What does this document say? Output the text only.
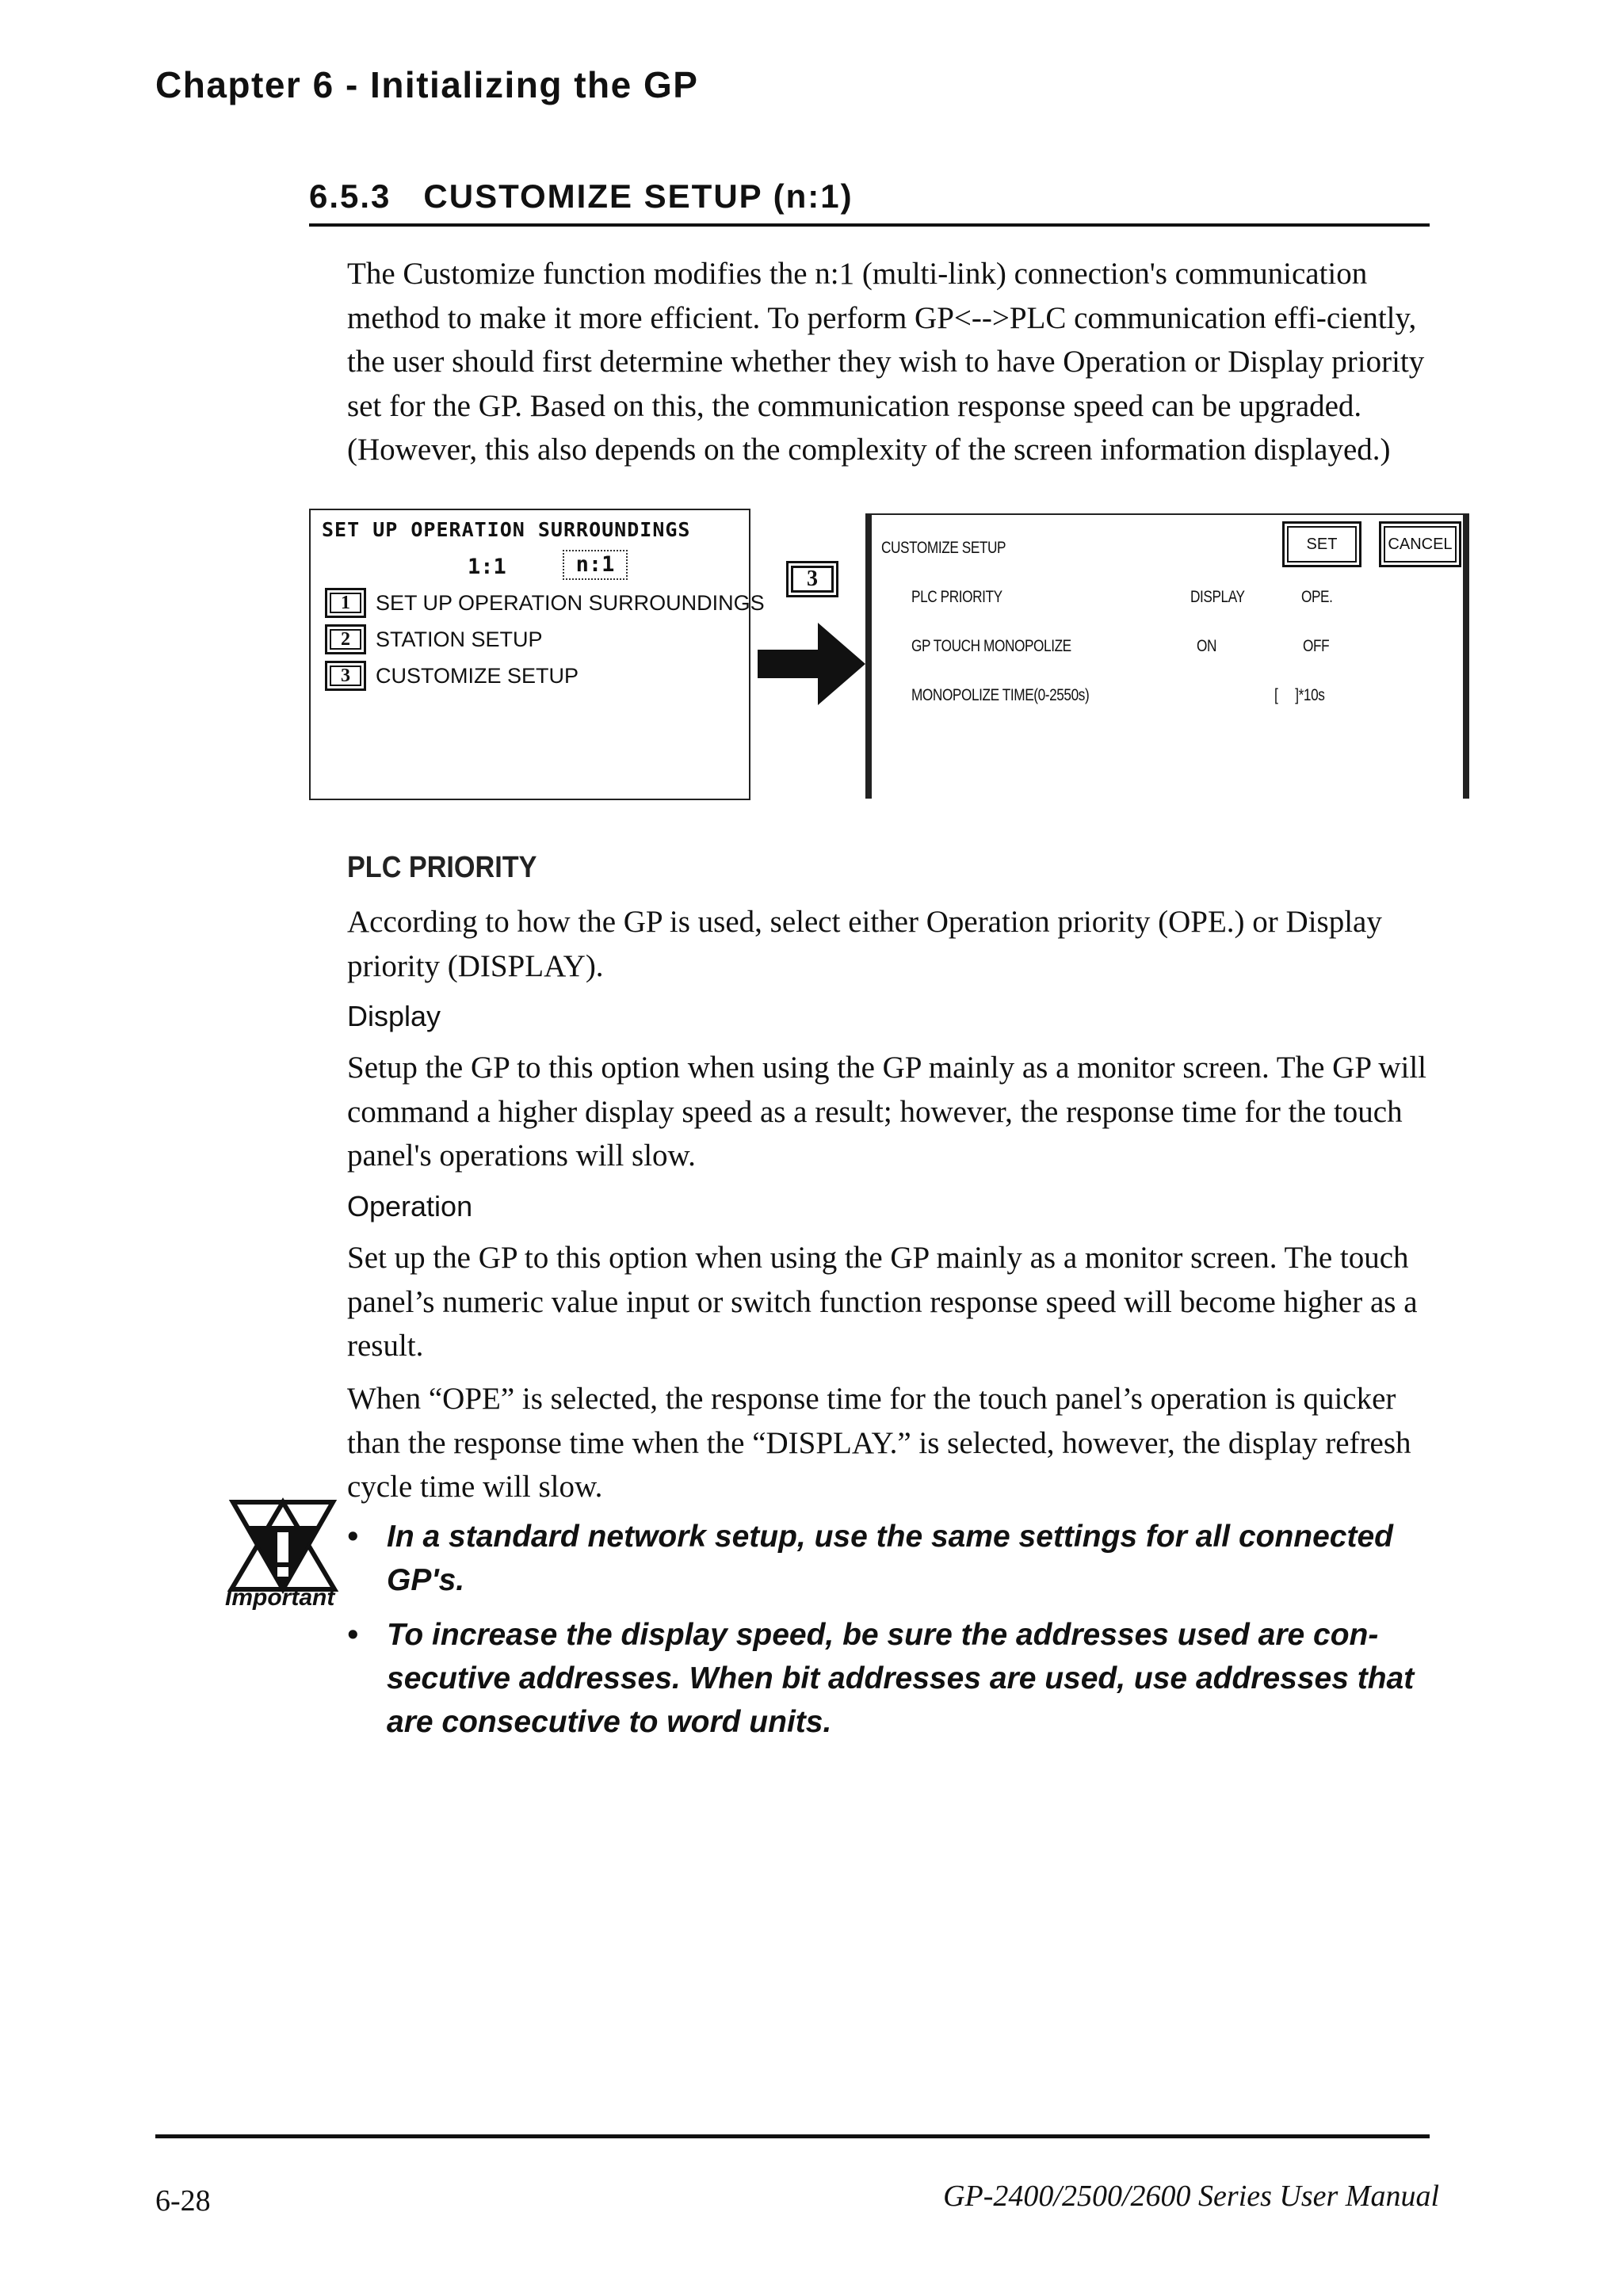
Chapter 6 - Initializing the GP
6.5.3   CUSTOMIZE SETUP (n:1)

The Customize function modifies the n:1 (multi-link) connection's communication method to make it more efficient. To perform GP<-->PLC communication effi-ciently, the user should first determine whether they wish to have Operation or Display priority set for the GP. Based on this, the communication response speed can be upgraded. (However, this also depends on the complexity of the screen information displayed.)

SET UP OPERATION SURROUNDINGS
1:1	n:1
1	SET UP OPERATION SURROUNDINGS
2	STATION SETUP
3	CUSTOMIZE SETUP
3
CUSTOMIZE SETUP	SET	CANCEL
PLC PRIORITY	DISPLAY	OPE.
GP TOUCH MONOPOLIZE	ON	OFF
MONOPOLIZE TIME(0-2550s)	[     ]*10s
PLC PRIORITY

According to how the GP is used, select either Operation priority (OPE.) or Display priority (DISPLAY).

Display

Setup the GP to this option when using the GP mainly as a monitor screen. The GP will command a higher display speed as a result; however, the response time for the touch panel's operations will slow.

Operation

Set up the GP to this option when using the GP mainly as a monitor screen. The touch panel’s numeric value input or switch function response speed will become higher as a result.

When “OPE” is selected, the response time for the touch panel’s operation is quicker than the response time when the “DISPLAY.” is selected, however, the display refresh cycle time will slow.

Important
• In a standard network setup, use the same settings for all connected GP's.
• To increase the display speed, be sure the addresses used are con-secutive addresses. When bit addresses are used, use addresses that are consecutive to word units.
6-28	GP-2400/2500/2600 Series User Manual
